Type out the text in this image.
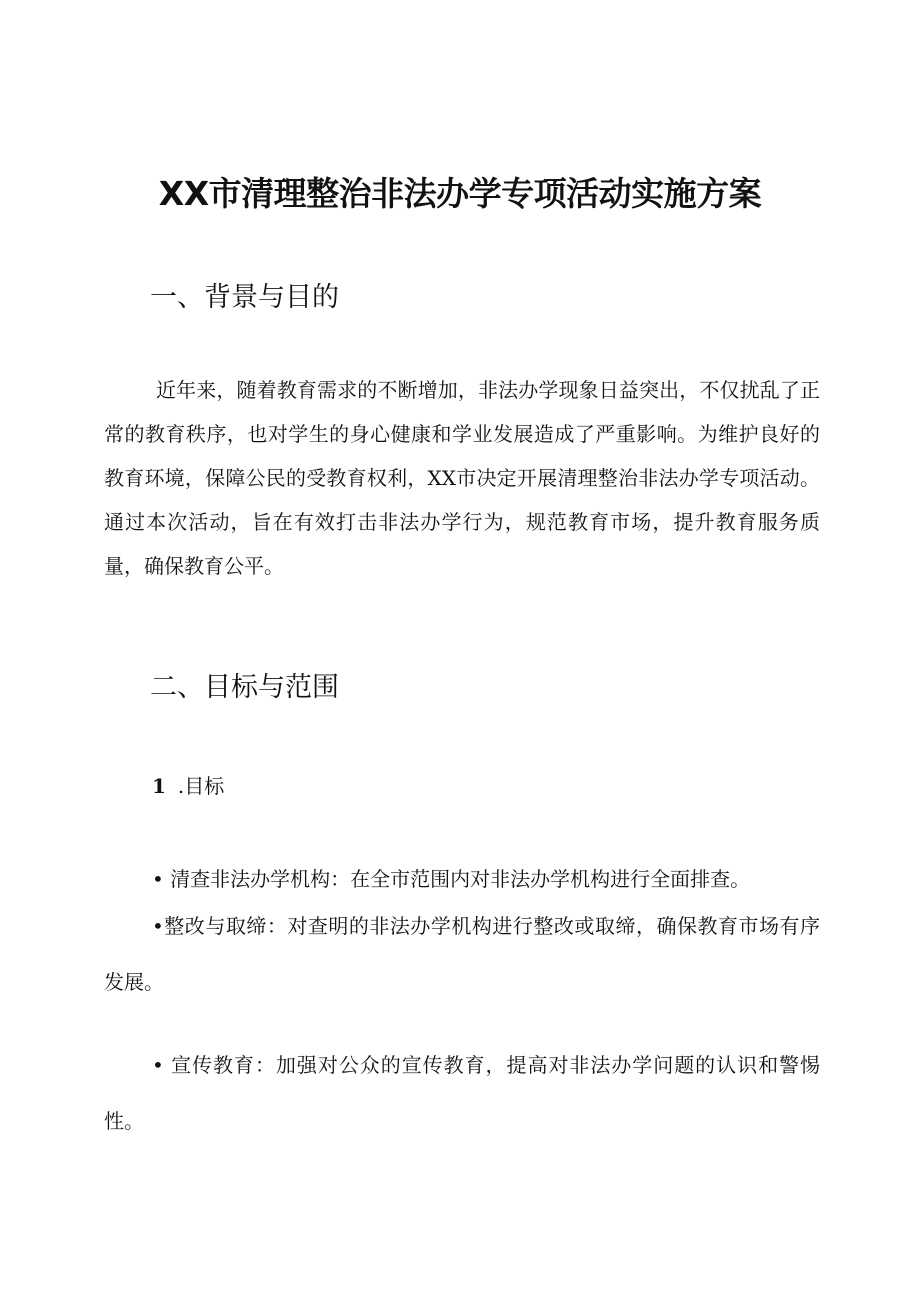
XX市清理整治非法办学专项活动实施方案
一、背景与目的

近年来，随着教育需求的不断增加，非法办学现象日益突出，不仅扰乱了正常的教育秩序，也对学生的身心健康和学业发展造成了严重影响。为维护良好的教育环境，保障公民的受教育权利，XX市决定开展清理整治非法办学专项活动。通过本次活动，旨在有效打击非法办学行为，规范教育市场，提升教育服务质量，确保教育公平。

二、目标与范围

1 .目标

• 清查非法办学机构：在全市范围内对非法办学机构进行全面排查。

•整改与取缔：对查明的非法办学机构进行整改或取缔，确保教育市场有序发展。

• 宣传教育：加强对公众的宣传教育，提高对非法办学问题的认识和警惕性。
